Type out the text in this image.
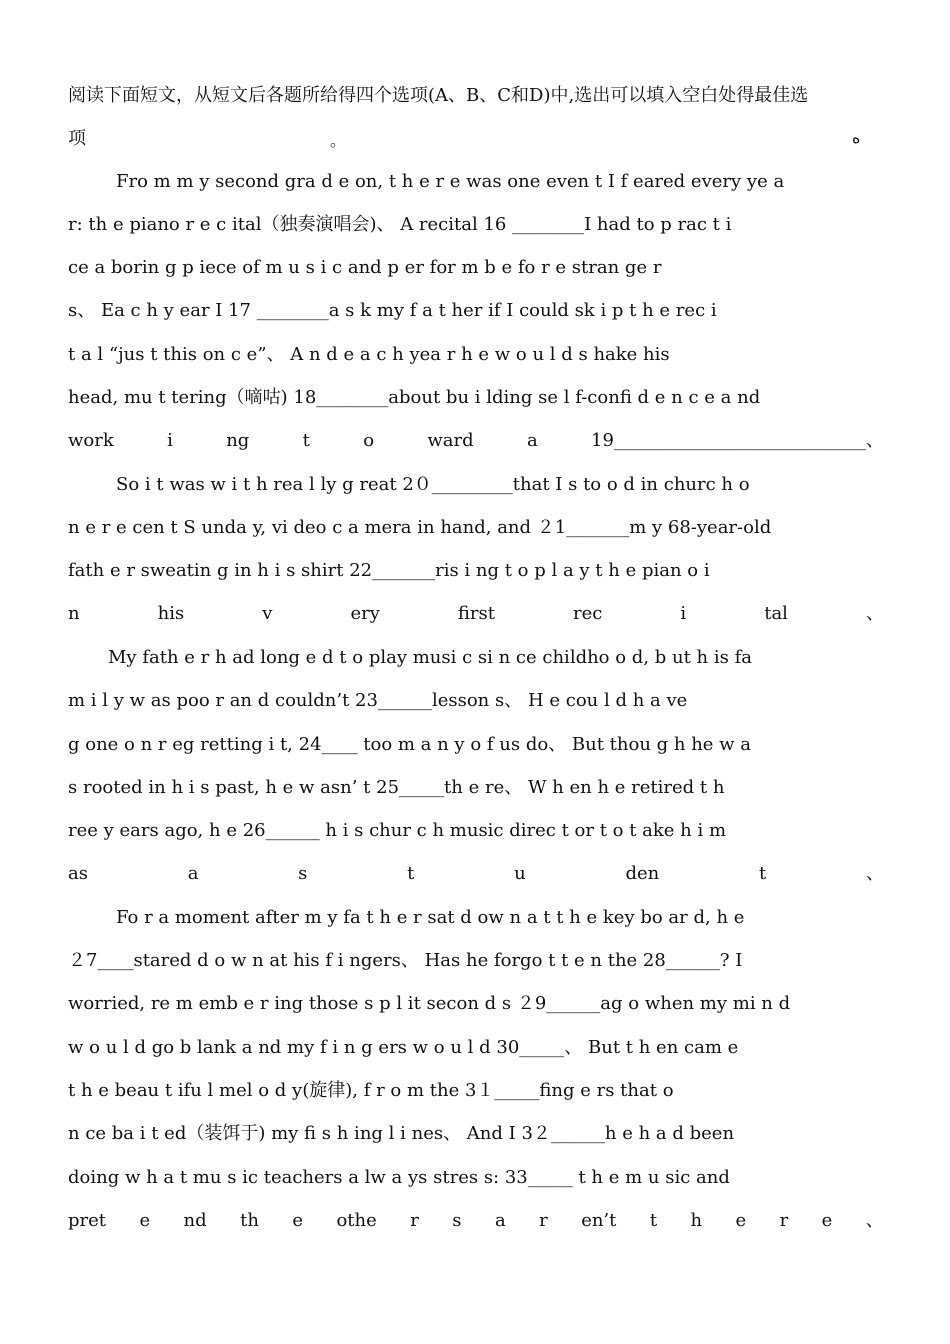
阅读下面短文，从短文后各题所给得四个选项(A、B、C和D)中,选出可以填入空白处得最佳选
项
Fro m m y second gra d e on, t h e r e was one even t I f eared every ye a
r: th e piano r e c ital（独奏演唱会)、 A recital 16 ________I had to p rac t i
ce a borin g p iece of m u s i c and p er for m b e fo r e stran ge r
s、 Ea c h y ear I 17 ________a s k my f a t her if I could sk i p t h e rec i
t a l “jus t this on c e”、 A n d e a c h yea r h e w o u l d s hake his
head, mu t tering（嘀咕) 18________about bu i lding se l f-confi d e n c e a nd
work	i	ng	t	o	ward	a	19____________________________、
So i t was w i t h rea l ly g reat 2０_________that I s to o d in churc h o
n e r e cen t S unda y, vi deo c a mera in hand, and ２1_______m y 68-year-old
fath e r sweatin g in h i s shirt 22_______ris i ng t o p l a y t h e pian o i
n	his	v	ery	first	rec	i	tal	、
My fath e r h ad long e d t o play musi c si n ce childho o d, b ut h is fa
m i l y w as poo r an d couldn’t 23______lesson s、 H e cou l d h a ve
g one o n r eg retting i t, 24____ too m a n y o f us do、 But thou g h he w a
s rooted in h i s past, h e w asn’ t 25_____th e re、 W h en h e retired t h
ree y ears ago, h e 26______ h i s chur c h music direc t or t o t ake h i m
as	a	s	t	u	den	t	、
Fo r a moment after m y fa t h e r sat d ow n a t t h e key bo ar d, h e
２7____stared d o w n at his f i ngers、 Has he forgo t t e n the 28______? I
worried, re m emb e r ing those s p l it secon d s ２9______ag o when my mi n d
w o u l d go b lank a nd my f i n g ers w o u l d 30_____、 But t h en cam e
t h e beau t ifu l mel o d y(旋律), f r o m the 3１_____fing e rs that o
n ce ba i t ed（装饵于) my fi s h ing l i nes、 And I 3２______h e h a d been
doing w h a t mu s ic teachers a lw a ys stres s: 33_____ t h e m u sic and
pret e nd th e othe r s a r en’t t h e r e 、
。	ه
